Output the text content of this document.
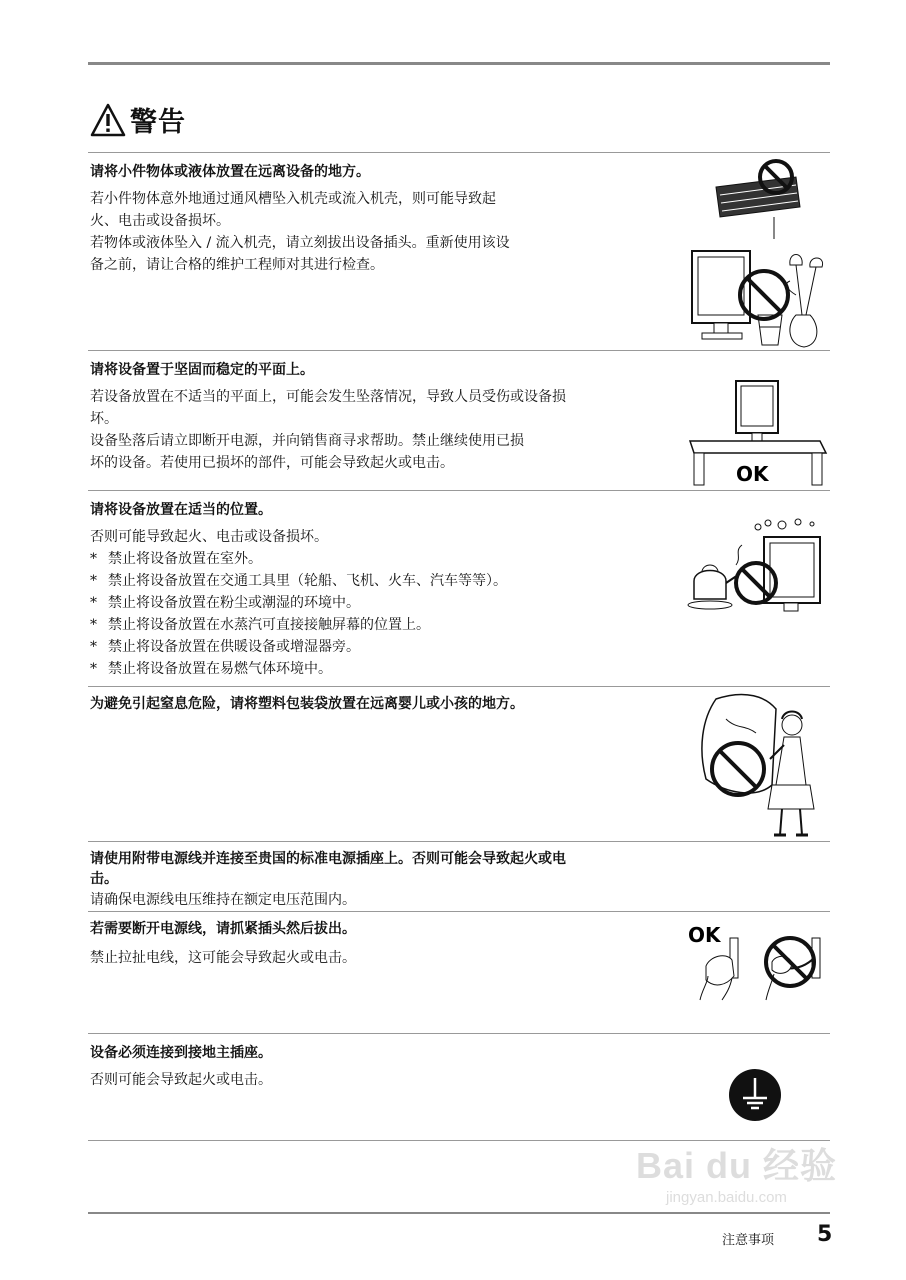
警告
请将小件物体或液体放置在远离设备的地方。

若小件物体意外地通过通风槽坠入机壳或流入机壳，则可能导致起

火、电击或设备损坏。

若物体或液体坠入 / 流入机壳，请立刻拔出设备插头。重新使用该设

备之前，请让合格的维护工程师对其进行检查。

请将设备置于坚固而稳定的平面上。

若设备放置在不适当的平面上，可能会发生坠落情况，导致人员受伤或设备损

坏。

设备坠落后请立即断开电源，并向销售商寻求帮助。禁止继续使用已损

坏的设备。若使用已损坏的部件，可能会导致起火或电击。	OK
请将设备放置在适当的位置。

否则可能导致起火、电击或设备损坏。

* 禁止将设备放置在室外。
* 禁止将设备放置在交通工具里（轮船、飞机、火车、汽车等等）。
* 禁止将设备放置在粉尘或潮湿的环境中。
* 禁止将设备放置在水蒸汽可直接接触屏幕的位置上。
* 禁止将设备放置在供暖设备或增湿器旁。
* 禁止将设备放置在易燃气体环境中。
为避免引起窒息危险，请将塑料包装袋放置在远离婴儿或小孩的地方。
请使用附带电源线并连接至贵国的标准电源插座上。否则可能会导致起火或电
击。

请确保电源线电压维持在额定电压范围内。

若需要断开电源线，请抓紧插头然后拔出。

禁止拉扯电线，这可能会导致起火或电击。

OK
设备必须连接到接地主插座。

否则可能会导致起火或电击。

Bai du 经验
jingyan.baidu.com
注意事项 5
